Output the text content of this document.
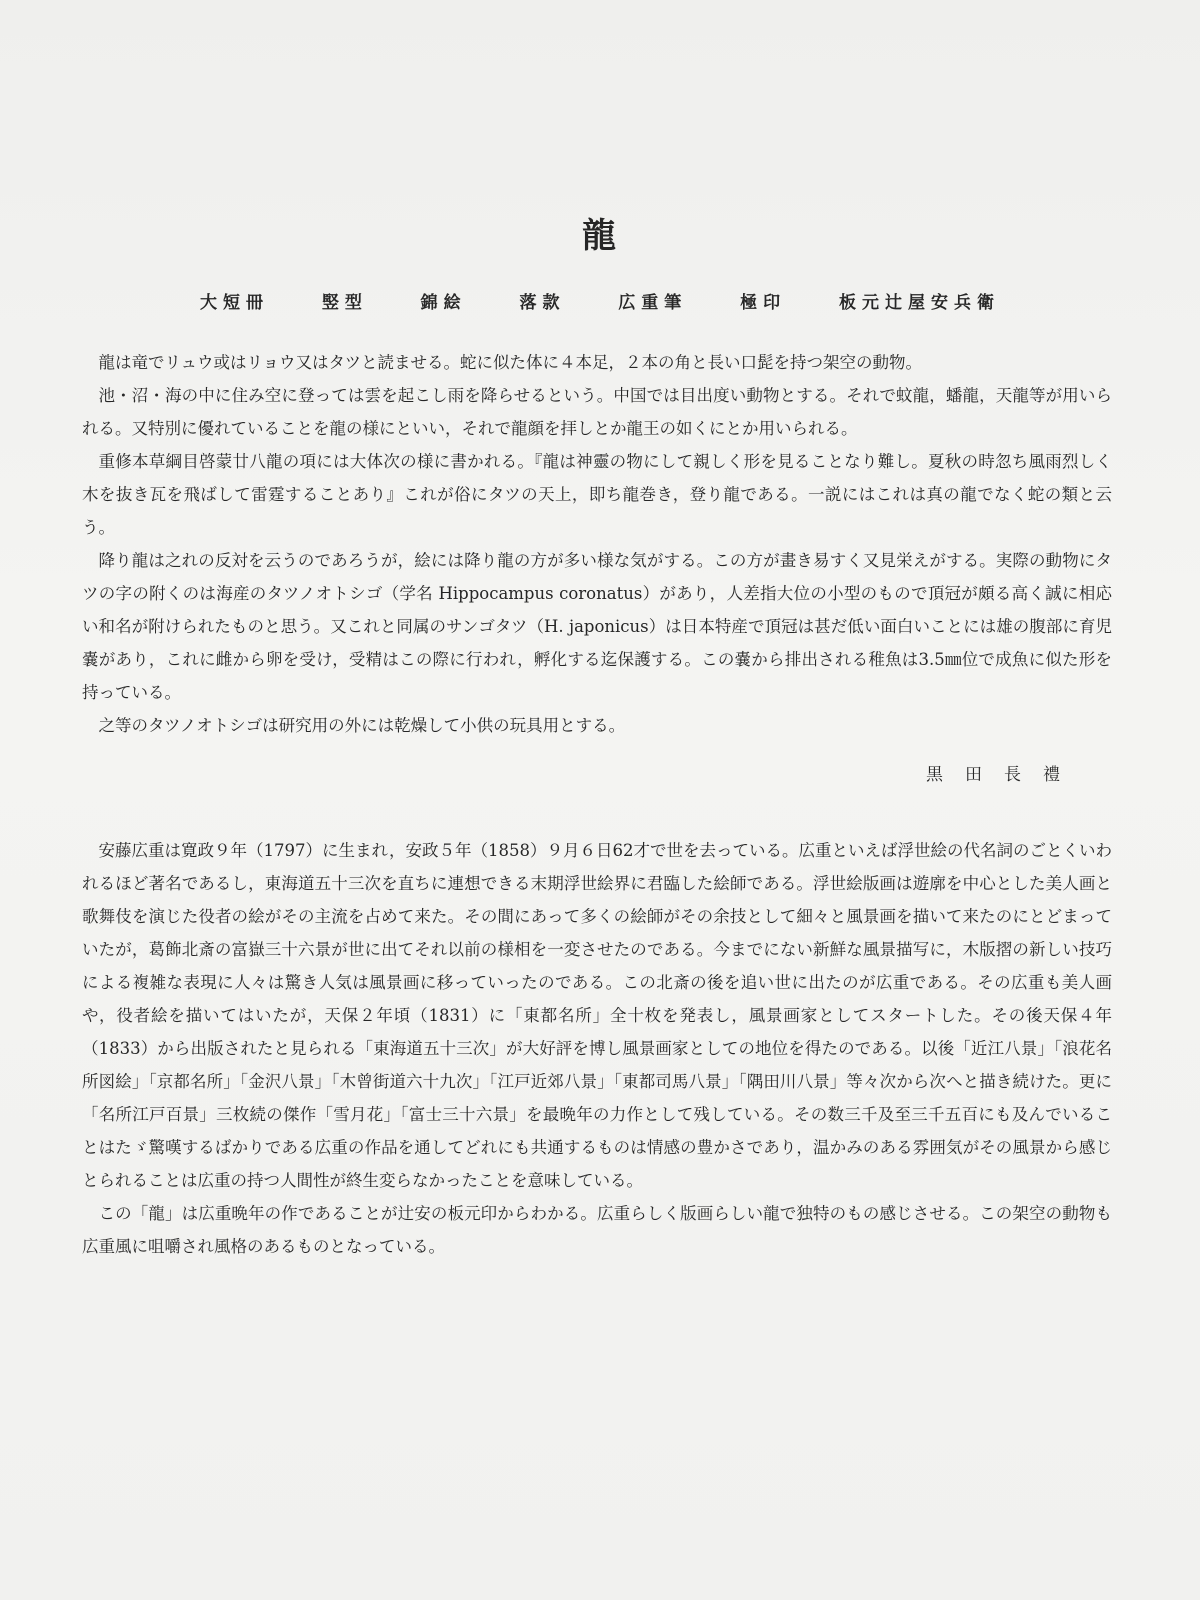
龍
大短冊	竪型	錦絵	落款	広重筆	極印	板元辻屋安兵衛

龍は竜でリュウ或はリョウ又はタツと読ませる。蛇に似た体に４本足，２本の角と長い口髭を持つ架空の動物。

池・沼・海の中に住み空に登っては雲を起こし雨を降らせるという。中国では目出度い動物とする。それで蚊龍，蟠龍，天龍等が用いられる。又特別に優れていることを龍の様にといい，それで龍顔を拝しとか龍王の如くにとか用いられる。

重修本草綱目啓蒙廿八龍の項には大体次の様に書かれる。『龍は神靈の物にして親しく形を見ることなり難し。夏秋の時忽ち風雨烈しく木を抜き瓦を飛ばして雷霆することあり』これが俗にタツの天上，即ち龍巻き，登り龍である。一説にはこれは真の龍でなく蛇の類と云う。

降り龍は之れの反対を云うのであろうが，絵には降り龍の方が多い様な気がする。この方が畫き易すく又見栄えがする。実際の動物にタツの字の附くのは海産のタツノオトシゴ（学名 Hippocampus coronatus）があり，人差指大位の小型のもので頂冠が頗る高く誠に相応い和名が附けられたものと思う。又これと同属のサンゴタツ（H. japonicus）は日本特産で頂冠は甚だ低い面白いことには雄の腹部に育児嚢があり，これに雌から卵を受け，受精はこの際に行われ，孵化する迄保護する。この嚢から排出される稚魚は3.5㎜位で成魚に似た形を持っている。

之等のタツノオトシゴは研究用の外には乾燥して小供の玩具用とする。

黒田長禮

安藤広重は寛政９年（1797）に生まれ，安政５年（1858）９月６日62才で世を去っている。広重といえば浮世絵の代名詞のごとくいわれるほど著名であるし，東海道五十三次を直ちに連想できる末期浮世絵界に君臨した絵師である。浮世絵版画は遊廓を中心とした美人画と歌舞伎を演じた役者の絵がその主流を占めて来た。その間にあって多くの絵師がその余技として細々と風景画を描いて来たのにとどまっていたが，葛飾北斎の富嶽三十六景が世に出てそれ以前の様相を一変させたのである。今までにない新鮮な風景描写に，木版摺の新しい技巧による複雑な表現に人々は驚き人気は風景画に移っていったのである。この北斎の後を追い世に出たのが広重である。その広重も美人画や，役者絵を描いてはいたが，天保２年頃（1831）に「東都名所」全十枚を発表し，風景画家としてスタートした。その後天保４年（1833）から出版されたと見られる「東海道五十三次」が大好評を博し風景画家としての地位を得たのである。以後「近江八景」「浪花名所図絵」「京都名所」「金沢八景」「木曾街道六十九次」「江戸近郊八景」「東都司馬八景」「隅田川八景」等々次から次へと描き続けた。更に「名所江戸百景」三枚続の傑作「雪月花」「富士三十六景」を最晩年の力作として残している。その数三千及至三千五百にも及んでいることはたゞ驚嘆するばかりである広重の作品を通してどれにも共通するものは情感の豊かさであり，温かみのある雰囲気がその風景から感じとられることは広重の持つ人間性が終生変らなかったことを意味している。

この「龍」は広重晩年の作であることが辻安の板元印からわかる。広重らしく版画らしい龍で独特のもの感じさせる。この架空の動物も広重風に咀嚼され風格のあるものとなっている。
